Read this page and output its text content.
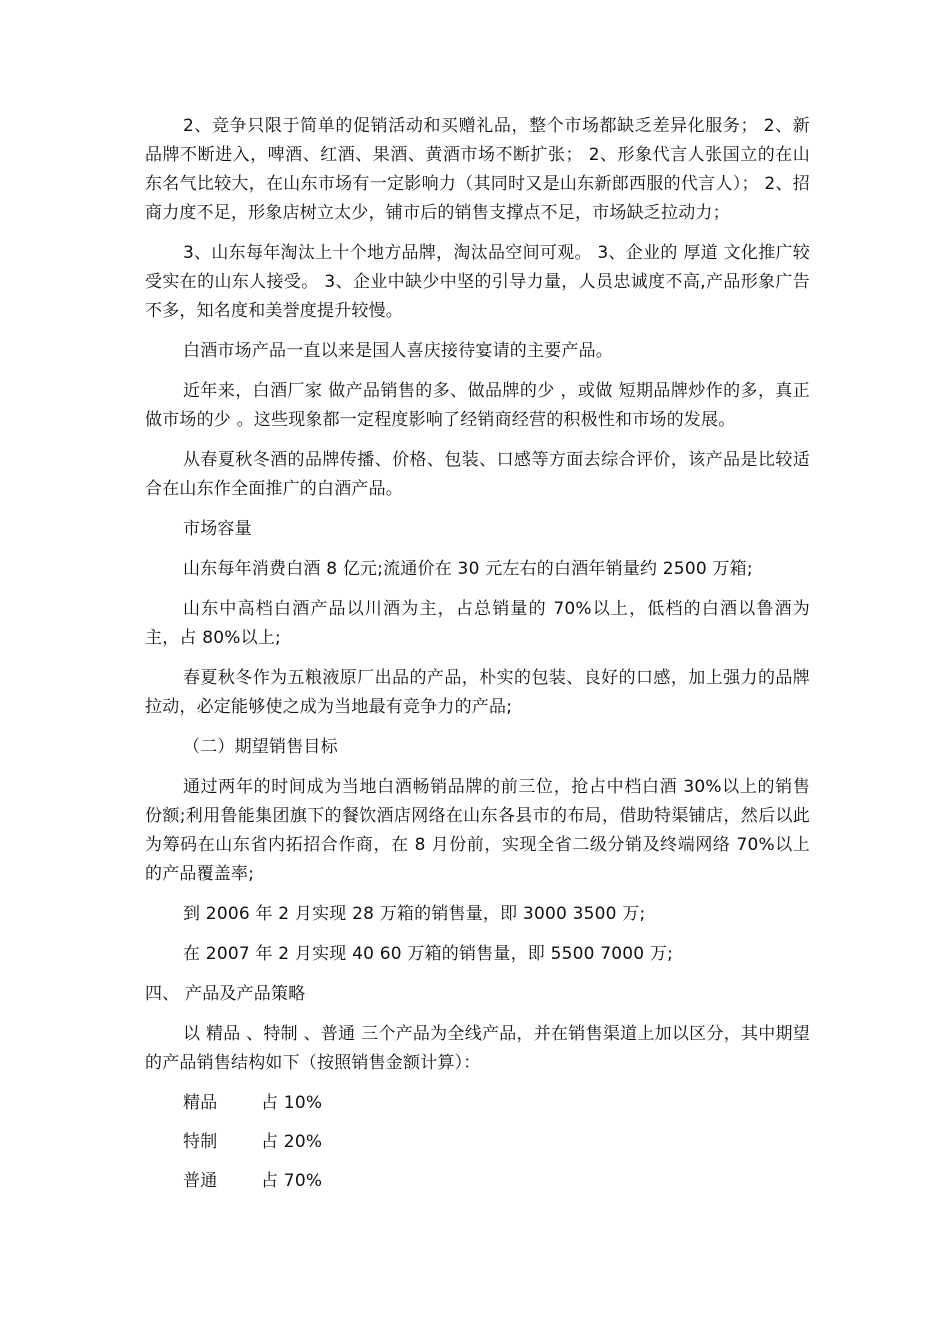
2、竞争只限于简单的促销活动和买赠礼品，整个市场都缺乏差异化服务； 2、新品牌不断进入，啤酒、红酒、果酒、黄酒市场不断扩张； 2、形象代言人张国立的在山东名气比较大，在山东市场有一定影响力（其同时又是山东新郎西服的代言人）； 2、招商力度不足，形象店树立太少，铺市后的销售支撑点不足，市场缺乏拉动力；

3、山东每年淘汰上十个地方品牌，淘汰品空间可观。 3、企业的 厚道 文化推广较受实在的山东人接受。 3、企业中缺少中坚的引导力量，人员忠诚度不高,产品形象广告不多，知名度和美誉度提升较慢。

白酒市场产品一直以来是国人喜庆接待宴请的主要产品。

近年来，白酒厂家 做产品销售的多、做品牌的少 ，或做 短期品牌炒作的多，真正做市场的少 。这些现象都一定程度影响了经销商经营的积极性和市场的发展。

从春夏秋冬酒的品牌传播、价格、包装、口感等方面去综合评价，该产品是比较适合在山东作全面推广的白酒产品。

市场容量

山东每年消费白酒 8 亿元;流通价在 30 元左右的白酒年销量约 2500 万箱;

山东中高档白酒产品以川酒为主，占总销量的 70%以上，低档的白酒以鲁酒为主，占 80%以上;

春夏秋冬作为五粮液原厂出品的产品，朴实的包装、良好的口感，加上强力的品牌拉动，必定能够使之成为当地最有竞争力的产品;

（二）期望销售目标

通过两年的时间成为当地白酒畅销品牌的前三位，抢占中档白酒 30%以上的销售份额;利用鲁能集团旗下的餐饮酒店网络在山东各县市的布局，借助特渠铺店，然后以此为筹码在山东省内拓招合作商，在 8 月份前，实现全省二级分销及终端网络 70%以上的产品覆盖率;

到 2006 年 2 月实现 28 万箱的销售量，即 3000 3500 万;

在 2007 年 2 月实现 40 60 万箱的销售量，即 5500 7000 万;

四、 产品及产品策略

以 精品 、特制 、普通 三个产品为全线产品，并在销售渠道上加以区分，其中期望的产品销售结构如下（按照销售金额计算）：

精品	占 10%
特制	占 20%
普通	占 70%
